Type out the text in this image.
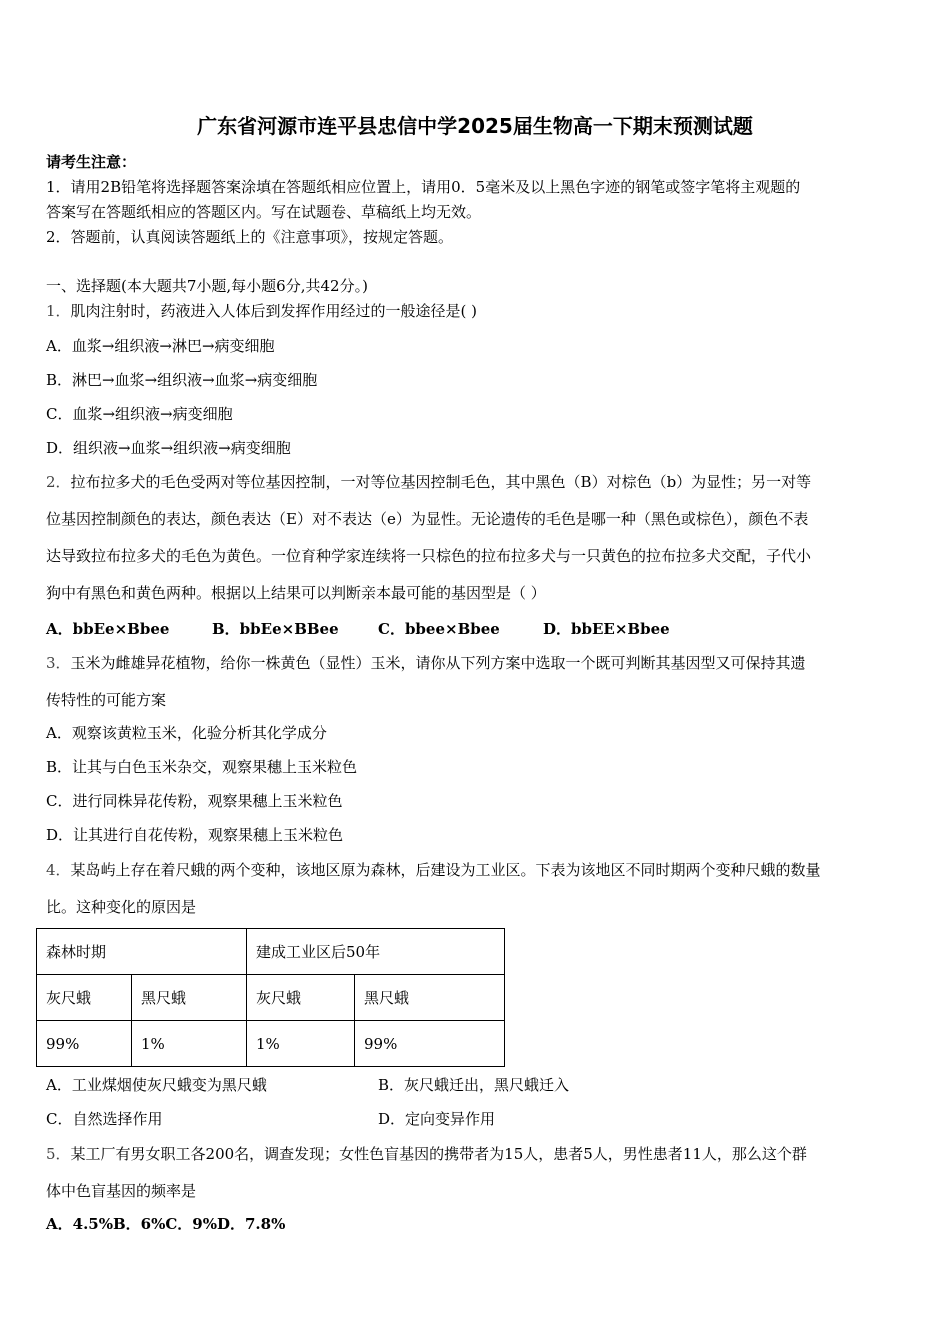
广东省河源市连平县忠信中学2025届生物高一下期末预测试题
请考生注意：
1．请用2B铅笔将选择题答案涂填在答题纸相应位置上，请用0．5毫米及以上黑色字迹的钢笔或签字笔将主观题的
答案写在答题纸相应的答题区内。写在试题卷、草稿纸上均无效。
2．答题前，认真阅读答题纸上的《注意事项》，按规定答题。
一、选择题(本大题共7小题,每小题6分,共42分。)
1．肌肉注射时，药液进入人体后到发挥作用经过的一般途径是( )
A．血浆→组织液→淋巴→病变细胞
B．淋巴→血浆→组织液→血浆→病变细胞
C．血浆→组织液→病变细胞
D．组织液→血浆→组织液→病变细胞
2．拉布拉多犬的毛色受两对等位基因控制，一对等位基因控制毛色，其中黑色（B）对棕色（b）为显性；另一对等
位基因控制颜色的表达，颜色表达（E）对不表达（e）为显性。无论遗传的毛色是哪一种（黑色或棕色），颜色不表
达导致拉布拉多犬的毛色为黄色。一位育种学家连续将一只棕色的拉布拉多犬与一只黄色的拉布拉多犬交配，子代小
狗中有黑色和黄色两种。根据以上结果可以判断亲本最可能的基因型是（ ）
A．bbEe×Bbee	B．bbEe×BBee	C．bbee×Bbee	D．bbEE×Bbee
3．玉米为雌雄异花植物，给你一株黄色（显性）玉米，请你从下列方案中选取一个既可判断其基因型又可保持其遗
传特性的可能方案
A．观察该黄粒玉米，化验分析其化学成分
B．让其与白色玉米杂交，观察果穗上玉米粒色
C．进行同株异花传粉，观察果穗上玉米粒色
D．让其进行自花传粉，观察果穗上玉米粒色
4．某岛屿上存在着尺蛾的两个变种，该地区原为森林，后建设为工业区。下表为该地区不同时期两个变种尺蛾的数量
比。这种变化的原因是
森林时期		建成工业区后50年	
灰尺蛾	黑尺蛾	灰尺蛾	黑尺蛾
99%	1%	1%	99%
A．工业煤烟使灰尺蛾变为黑尺蛾	B．灰尺蛾迁出，黑尺蛾迁入
C．自然选择作用	D．定向变异作用
5．某工厂有男女职工各200名，调查发现；女性色盲基因的携带者为15人，患者5人，男性患者11人，那么这个群
体中色盲基因的频率是
A．4.5%B．6%C．9%D．7.8%
